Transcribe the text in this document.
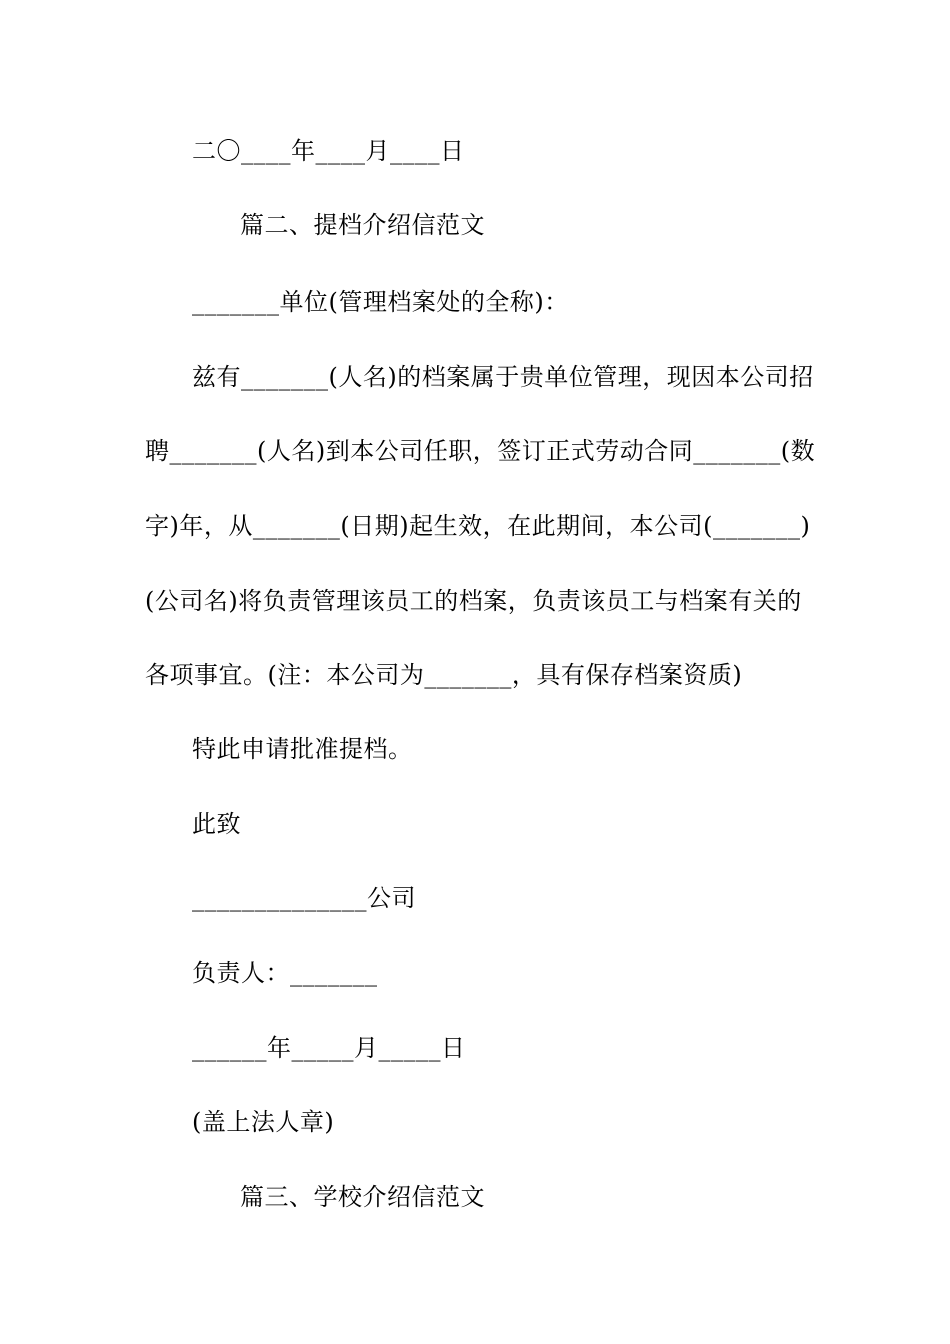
二〇____年____月____日
篇二、提档介绍信范文
_______单位(管理档案处的全称)：
兹有_______(人名)的档案属于贵单位管理，现因本公司招
聘_______(人名)到本公司任职，签订正式劳动合同_______(数
字)年，从_______(日期)起生效，在此期间，本公司(_______)
(公司名)将负责管理该员工的档案，负责该员工与档案有关的
各项事宜。(注：本公司为_______，具有保存档案资质)
特此申请批准提档。
此致
______________公司
负责人：_______
______年_____月_____日
(盖上法人章)
篇三、学校介绍信范文
